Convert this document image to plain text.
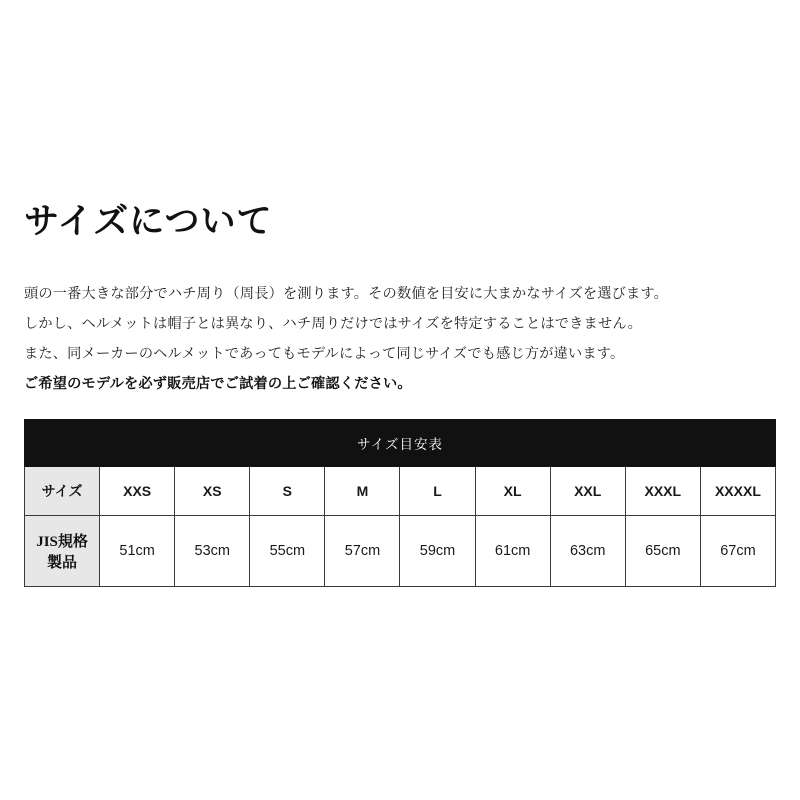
サイズについて

頭の一番大きな部分でハチ周り（周長）を測ります。その数値を目安に大まかなサイズを選びます。

しかし、ヘルメットは帽子とは異なり、ハチ周りだけではサイズを特定することはできません。

また、同メーカーのヘルメットであってもモデルによって同じサイズでも感じ方が違います。

ご希望のモデルを必ず販売店でご試着の上ご確認ください。

サイズ目安表									
サイズ	XXS	XS	S	M	L	XL	XXL	XXXL	XXXXL
JIS規格製品	51cm	53cm	55cm	57cm	59cm	61cm	63cm	65cm	67cm
